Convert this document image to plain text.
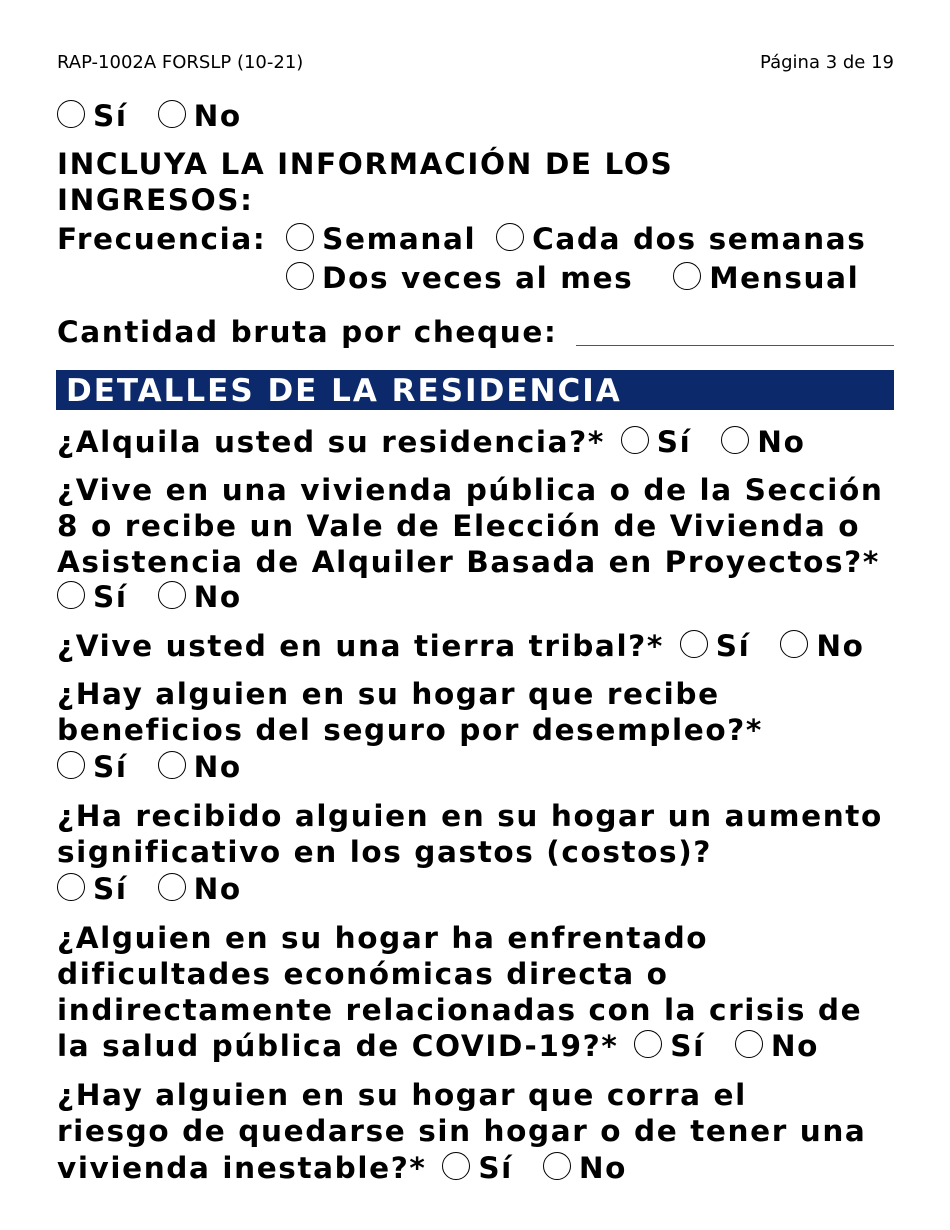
RAP-1002A FORSLP (10-21)	Página 3 de 19
Sí No
INCLUYA LA INFORMACIÓN DE LOS
INGRESOS:
Frecuencia: Semanal Cada dos semanas
Dos veces al mes	Mensual
Cantidad bruta por cheque:
DETALLES DE LA RESIDENCIA
¿Alquila usted su residencia?* Sí No
¿Vive en una vivienda pública o de la Sección
8 o recibe un Vale de Elección de Vivienda o
Asistencia de Alquiler Basada en Proyectos?*
Sí No
¿Vive usted en una tierra tribal?* Sí No
¿Hay alguien en su hogar que recibe
beneficios del seguro por desempleo?*
Sí No
¿Ha recibido alguien en su hogar un aumento
significativo en los gastos (costos)?
Sí No
¿Alguien en su hogar ha enfrentado
dificultades económicas directa o
indirectamente relacionadas con la crisis de
la salud pública de COVID-19?* Sí No
¿Hay alguien en su hogar que corra el
riesgo de quedarse sin hogar o de tener una
vivienda inestable?* Sí No
